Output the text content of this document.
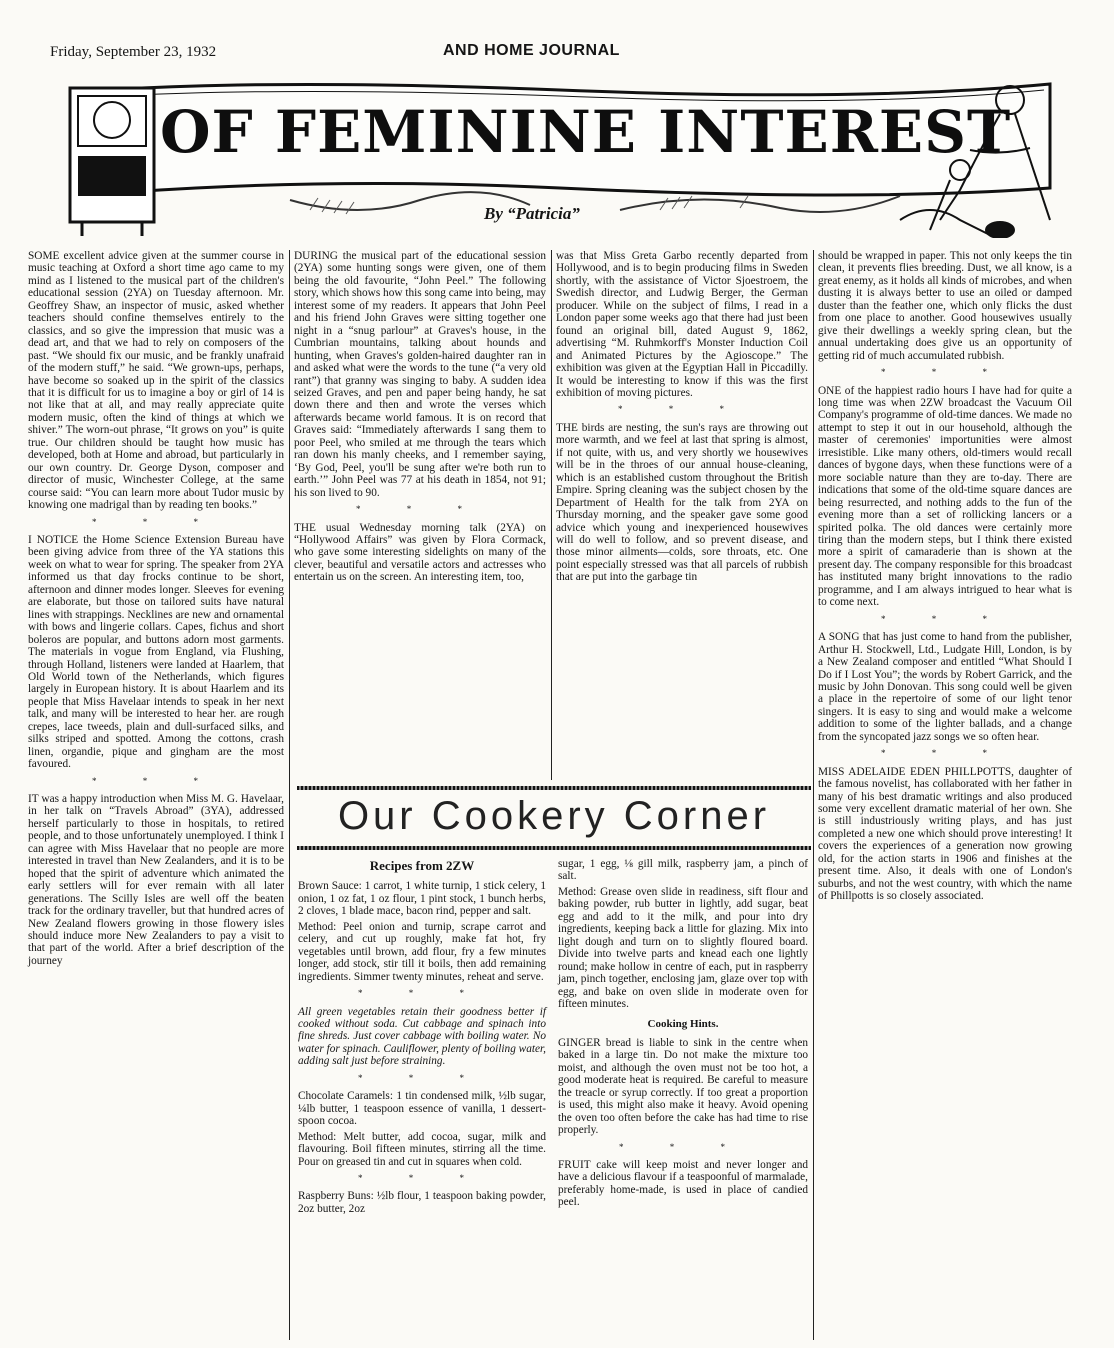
Friday, September 23, 1932	AND HOME JOURNAL
OF FEMININE INTEREST
By “Patricia”

SOME excellent advice given at the summer course in music teaching at Oxford a short time ago came to my mind as I listened to the musical part of the children's educational session (2YA) on Tuesday afternoon. Mr. Geoffrey Shaw, an inspector of music, asked whether teachers should confine themselves entirely to the classics, and so give the impression that music was a dead art, and that we had to rely on composers of the past. “We should fix our music, and be frankly unafraid of the modern stuff,” he said. “We grown-ups, perhaps, have become so soaked up in the spirit of the classics that it is difficult for us to imagine a boy or girl of 14 is not like that at all, and may really appreciate quite modern music, often the kind of things at which we shiver.” The worn-out phrase, “It grows on you” is quite true. Our children should be taught how music has developed, both at Home and abroad, but particularly in our own country. Dr. George Dyson, composer and director of music, Winchester College, at the same course said: “You can learn more about Tudor music by knowing one madrigal than by reading ten books.”

* * *

I NOTICE the Home Science Extension Bureau have been giving advice from three of the YA stations this week on what to wear for spring. The speaker from 2YA informed us that day frocks continue to be short, afternoon and dinner modes longer. Sleeves for evening are elaborate, but those on tailored suits have natural lines with strappings. Necklines are new and ornamental with bows and lingerie collars. Capes, fichus and short boleros are popular, and buttons adorn most garments. The materials in vogue from England, via Flushing, through Holland, listeners were landed at Haarlem, that Old World town of the Netherlands, which figures largely in European history. It is about Haarlem and its people that Miss Havelaar intends to speak in her next talk, and many will be interested to hear her. are rough crepes, lace tweeds, plain and dull-surfaced silks, and silks striped and spotted. Among the cottons, crash linen, organdie, pique and gingham are the most favoured.

* * *

IT was a happy introduction when Miss M. G. Havelaar, in her talk on “Travels Abroad” (3YA), addressed herself particularly to those in hospitals, to retired people, and to those unfortunately unemployed. I think I can agree with Miss Havelaar that no people are more interested in travel than New Zealanders, and it is to be hoped that the spirit of adventure which animated the early settlers will for ever remain with all later generations. The Scilly Isles are well off the beaten track for the ordinary traveller, but that hundred acres of New Zealand flowers growing in those flowery isles should induce more New Zealanders to pay a visit to that part of the world. After a brief description of the journey

DURING the musical part of the educational session (2YA) some hunting songs were given, one of them being the old favourite, “John Peel.” The following story, which shows how this song came into being, may interest some of my readers. It appears that John Peel and his friend John Graves were sitting together one night in a “snug parlour” at Graves's house, in the Cumbrian mountains, talking about hounds and hunting, when Graves's golden-haired daughter ran in and asked what were the words to the tune (“a very old rant”) that granny was singing to baby. A sudden idea seized Graves, and pen and paper being handy, he sat down there and then and wrote the verses which afterwards became world famous. It is on record that Graves said: “Immediately afterwards I sang them to poor Peel, who smiled at me through the tears which ran down his manly cheeks, and I remember saying, ‘By God, Peel, you'll be sung after we're both run to earth.’” John Peel was 77 at his death in 1854, not 91; his son lived to 90.

* * *

THE usual Wednesday morning talk (2YA) on “Hollywood Affairs” was given by Flora Cormack, who gave some interesting sidelights on many of the clever, beautiful and versatile actors and actresses who entertain us on the screen. An interesting item, too,

was that Miss Greta Garbo recently departed from Hollywood, and is to begin producing films in Sweden shortly, with the assistance of Victor Sjoestroem, the Swedish director, and Ludwig Berger, the German producer. While on the subject of films, I read in a London paper some weeks ago that there had just been found an original bill, dated August 9, 1862, advertising “M. Ruhmkorff's Monster Induction Coil and Animated Pictures by the Agioscope.” The exhibition was given at the Egyptian Hall in Piccadilly. It would be interesting to know if this was the first exhibition of moving pictures.

* * *

THE birds are nesting, the sun's rays are throwing out more warmth, and we feel at last that spring is almost, if not quite, with us, and very shortly we housewives will be in the throes of our annual house-cleaning, which is an established custom throughout the British Empire. Spring cleaning was the subject chosen by the Department of Health for the talk from 2YA on Thursday morning, and the speaker gave some good advice which young and inexperienced housewives will do well to follow, and so prevent disease, and those minor ailments—colds, sore throats, etc. One point especially stressed was that all parcels of rubbish that are put into the garbage tin

should be wrapped in paper. This not only keeps the tin clean, it prevents flies breeding. Dust, we all know, is a great enemy, as it holds all kinds of microbes, and when dusting it is always better to use an oiled or damped duster than the feather one, which only flicks the dust from one place to another. Good housewives usually give their dwellings a weekly spring clean, but the annual undertaking does give us an opportunity of getting rid of much accumulated rubbish.

* * *

ONE of the happiest radio hours I have had for quite a long time was when 2ZW broadcast the Vacuum Oil Company's programme of old-time dances. We made no attempt to step it out in our household, although the master of ceremonies' importunities were almost irresistible. Like many others, old-timers would recall dances of bygone days, when these functions were of a more sociable nature than they are to-day. There are indications that some of the old-time square dances are being resurrected, and nothing adds to the fun of the evening more than a set of rollicking lancers or a spirited polka. The old dances were certainly more tiring than the modern steps, but I think there existed more a spirit of camaraderie than is shown at the present day. The company responsible for this broadcast has instituted many bright innovations to the radio programme, and I am always intrigued to hear what is to come next.

* * *

A SONG that has just come to hand from the publisher, Arthur H. Stockwell, Ltd., Ludgate Hill, London, is by a New Zealand composer and entitled “What Should I Do if I Lost You”; the words by Robert Garrick, and the music by John Donovan. This song could well be given a place in the repertoire of some of our light tenor singers. It is easy to sing and would make a welcome addition to some of the lighter ballads, and a change from the syncopated jazz songs we so often hear.

* * *

MISS ADELAIDE EDEN PHILLPOTTS, daughter of the famous novelist, has collaborated with her father in many of his best dramatic writings and also produced some very excellent dramatic material of her own. She is still industriously writing plays, and has just completed a new one which should prove interesting! It covers the experiences of a generation now growing old, for the action starts in 1906 and finishes at the present time. Also, it deals with one of London's suburbs, and not the west country, with which the name of Phillpotts is so closely associated.

Our Cookery Corner
Recipes from 2ZW

Brown Sauce: 1 carrot, 1 white turnip, 1 stick celery, 1 onion, 1 oz fat, 1 oz flour, 1 pint stock, 1 bunch herbs, 2 cloves, 1 blade mace, bacon rind, pepper and salt.

Method: Peel onion and turnip, scrape carrot and celery, and cut up roughly, make fat hot, fry vegetables until brown, add flour, fry a few minutes longer, add stock, stir till it boils, then add remaining ingredients. Simmer twenty minutes, reheat and serve.

* * *

All green vegetables retain their goodness better if cooked without soda. Cut cabbage and spinach into fine shreds. Just cover cabbage with boiling water. No water for spinach. Cauliflower, plenty of boiling water, adding salt just before straining.

* * *

Chocolate Caramels: 1 tin condensed milk, ½lb sugar, ¼lb butter, 1 teaspoon essence of vanilla, 1 dessert-spoon cocoa.

Method: Melt butter, add cocoa, sugar, milk and flavouring. Boil fifteen minutes, stirring all the time. Pour on greased tin and cut in squares when cold.

* * *

Raspberry Buns: ½lb flour, 1 teaspoon baking powder, 2oz butter, 2oz

sugar, 1 egg, ⅛ gill milk, raspberry jam, a pinch of salt.

Method: Grease oven slide in readiness, sift flour and baking powder, rub butter in lightly, add sugar, beat egg and add to it the milk, and pour into dry ingredients, keeping back a little for glazing. Mix into light dough and turn on to slightly floured board. Divide into twelve parts and knead each one lightly round; make hollow in centre of each, put in raspberry jam, pinch together, enclosing jam, glaze over top with egg, and bake on oven slide in moderate oven for fifteen minutes.

Cooking Hints.

GINGER bread is liable to sink in the centre when baked in a large tin. Do not make the mixture too moist, and although the oven must not be too hot, a good moderate heat is required. Be careful to measure the treacle or syrup correctly. If too great a proportion is used, this might also make it heavy. Avoid opening the oven too often before the cake has had time to rise properly.

* * *

FRUIT cake will keep moist and never longer and have a delicious flavour if a teaspoonful of marmalade, preferably home-made, is used in place of candied peel.
